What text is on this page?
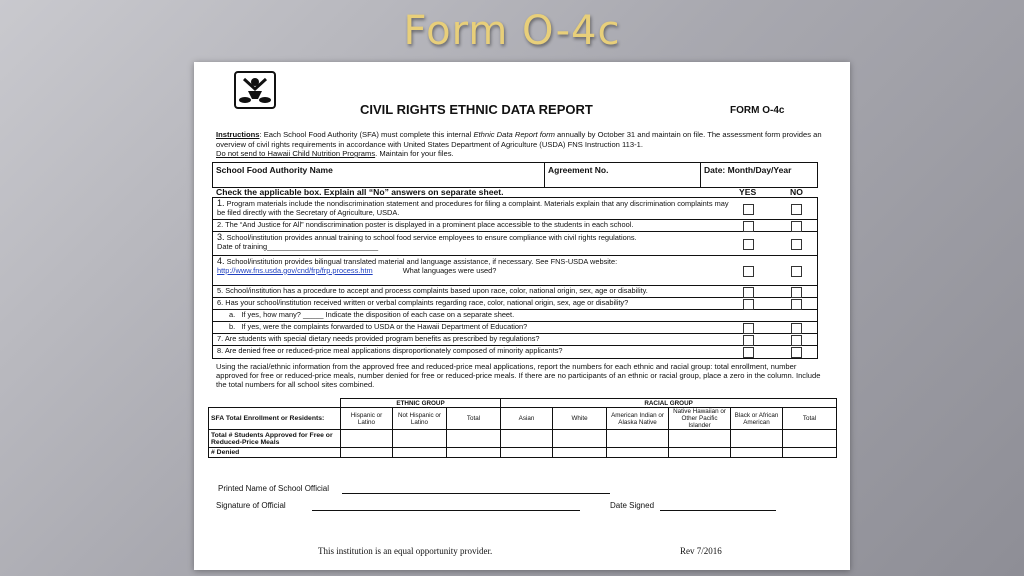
Form O-4c
CIVIL RIGHTS ETHNIC DATA REPORT	FORM O-4c
Instructions: Each School Food Authority (SFA) must complete this internal Ethnic Data Report form annually by October 31 and maintain on file. The assessment form provides an overview of civil rights requirements in accordance with United States Department of Agriculture (USDA) FNS Instruction 113-1.
Do not send to Hawaii Child Nutrition Programs. Maintain for your files.
School Food Authority Name	Agreement No.	Date: Month/Day/Year
Check the applicable box. Explain all “No” answers on separate sheet.	YES	NO
1. Program materials include the nondiscrimination statement and procedures for filing a complaint. Materials explain that any discrimination complaints may be filed directly with the Secretary of Agriculture, USDA.
2. The “And Justice for All” nondiscrimination poster is displayed in a prominent place accessible to the students in each school.
3. School/institution provides annual training to school food service employees to ensure compliance with civil rights regulations.
Date of training___________________________
4. School/institution provides bilingual translated material and language assistance, if necessary. See FNS-USDA website:
http://www.fns.usda.gov/cnd/frp/frp.process.htm	What languages were used?
5. School/institution has a procedure to accept and process complaints based upon race, color, national origin, sex, age or disability.
6. Has your school/institution received written or verbal complaints regarding race, color, national origin, sex, age or disability?
a. If yes, how many? _____ Indicate the disposition of each case on a separate sheet.
b. If yes, were the complaints forwarded to USDA or the Hawaii Department of Education?
7. Are students with special dietary needs provided program benefits as prescribed by regulations?
8. Are denied free or reduced-price meal applications disproportionately composed of minority applicants?
Using the racial/ethnic information from the approved free and reduced-price meal applications, report the numbers for each ethnic and racial group: total enrollment, number approved for free or reduced-price meals, number denied for free or reduced-price meals. If there are no participants of an ethnic or racial group, place a zero in the column. Include the total numbers for all school sites combined.
	ETHNIC GROUP			RACIAL GROUP					
SFA Total Enrollment or Residents:	Hispanic or Latino	Not Hispanic or Latino	Total	Asian	White	American Indian or Alaska Native	Native Hawaiian or Other Pacific Islander	Black or African American	Total
Total # Students Approved for Free or Reduced-Price Meals									
# Denied									
Printed Name of School Official
Signature of Official	Date Signed
This institution is an equal opportunity provider.	Rev 7/2016
